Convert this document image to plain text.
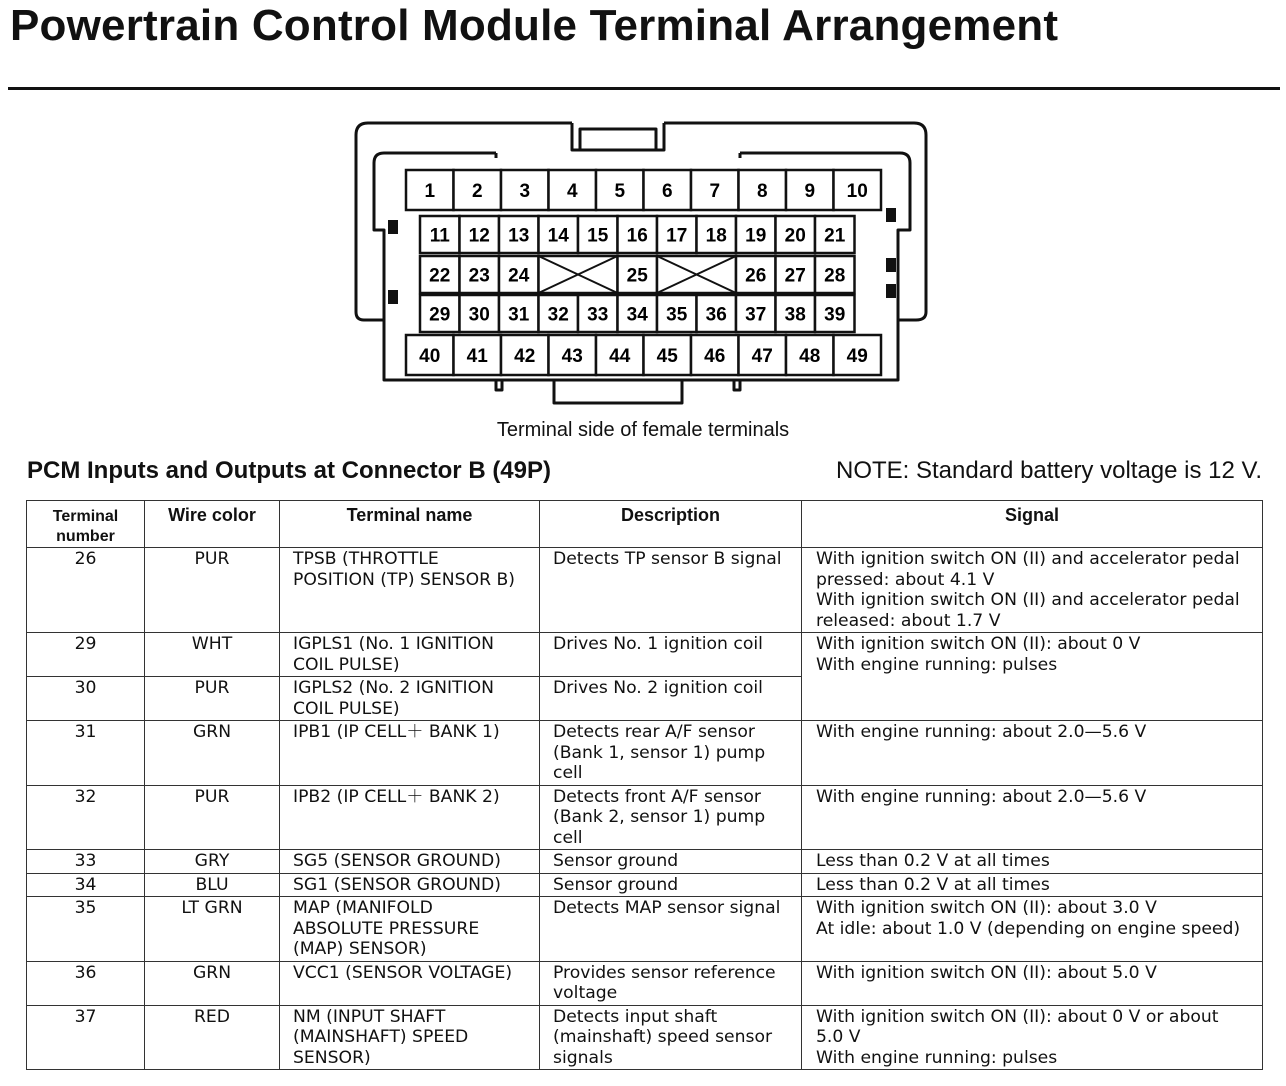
Powertrain Control Module Terminal Arrangement
1 2 3 4 5 6 7 8 9 10
40 41 42 43 44 45 46 47 48 49
11 12 13 14 15 16 17 18 19 20 21
29 30 31 32 33 34 35 36 37 38 39
22 23 24	25	26 27 28
Terminal side of female terminals
PCM Inputs and Outputs at Connector B (49P)	NOTE: Standard battery voltage is 12 V.
Terminal
number	Wire color	Terminal name	Description	Signal
26	PUR	TPSB (THROTTLE
POSITION (TP) SENSOR B)	Detects TP sensor B signal	With ignition switch ON (II) and accelerator pedal
pressed: about 4.1 V
With ignition switch ON (II) and accelerator pedal
released: about 1.7 V

29	WHT	IGPLS1 (No. 1 IGNITION
COIL PULSE)	Drives No. 1 ignition coil	With ignition switch ON (II): about 0 V
With engine running: pulses

30	PUR	IGPLS2 (No. 2 IGNITION
COIL PULSE)	Drives No. 2 ignition coil	

31	GRN	IPB1 (IP CELL＋ BANK 1)	Detects rear A/F sensor
(Bank 1, sensor 1) pump
cell	With engine running: about 2.0—5.6 V

32	PUR	IPB2 (IP CELL＋ BANK 2)	Detects front A/F sensor
(Bank 2, sensor 1) pump
cell	With engine running: about 2.0—5.6 V

33	GRY	SG5 (SENSOR GROUND)	Sensor ground	Less than 0.2 V at all times

34	BLU	SG1 (SENSOR GROUND)	Sensor ground	Less than 0.2 V at all times

35	LT GRN	MAP (MANIFOLD
ABSOLUTE PRESSURE
(MAP) SENSOR)	Detects MAP sensor signal	With ignition switch ON (II): about 3.0 V
At idle: about 1.0 V (depending on engine speed)

36	GRN	VCC1 (SENSOR VOLTAGE)	Provides sensor reference
voltage	With ignition switch ON (II): about 5.0 V

37	RED	NM (INPUT SHAFT
(MAINSHAFT) SPEED
SENSOR)	Detects input shaft
(mainshaft) speed sensor
signals	With ignition switch ON (II): about 0 V or about
5.0 V
With engine running: pulses
